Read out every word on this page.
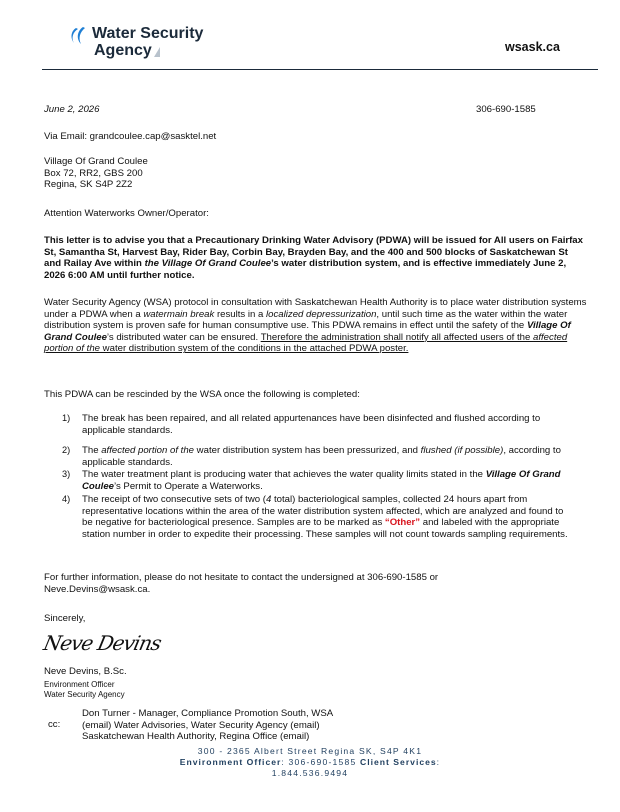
Water Security
Agency	wsask.ca
June 2, 2026	306-690-1585
Via Email: grandcoulee.cap@sasktel.net
Village Of Grand Coulee
Box 72, RR2, GBS 200
Regina, SK S4P 2Z2
Attention Waterworks Owner/Operator:

This letter is to advise you that a Precautionary Drinking Water Advisory (PDWA) will be issued for All users on Fairfax St, Samantha St, Harvest Bay, Rider Bay, Corbin Bay, Brayden Bay, and the 400 and 500 blocks of Saskatchewan St and Railay Ave within the Village Of Grand Coulee’s water distribution system, and is effective immediately June 2, 2026 6:00 AM until further notice.

Water Security Agency (WSA) protocol in consultation with Saskatchewan Health Authority is to place water distribution systems under a PDWA when a watermain break results in a localized depressurization, until such time as the water within the water distribution system is proven safe for human consumptive use. This PDWA remains in effect until the safety of the Village Of Grand Coulee’s distributed water can be ensured. Therefore the administration shall notify all affected users of the affected portion of the water distribution system of the conditions in the attached PDWA poster.

This PDWA can be rescinded by the WSA once the following is completed:
1) The break has been repaired, and all related appurtenances have been disinfected and flushed according to applicable standards.

2) The affected portion of the water distribution system has been pressurized, and flushed (if possible), according to applicable standards.

3) The water treatment plant is producing water that achieves the water quality limits stated in the Village Of Grand Coulee’s Permit to Operate a Waterworks.

4) The receipt of two consecutive sets of two (4 total) bacteriological samples, collected 24 hours apart from representative locations within the area of the water distribution system affected, which are analyzed and found to be negative for bacteriological presence. Samples are to be marked as “Other” and labeled with the appropriate station number in order to expedite their processing. These samples will not count towards sampling requirements.

For further information, please do not hesitate to contact the undersigned at 306-690-1585 or Neve.Devins@wsask.ca.

Sincerely,
Neve Devins
Neve Devins, B.Sc.
Environment Officer
Water Security Agency
cc:
Don Turner - Manager, Compliance Promotion South, WSA
(email) Water Advisories, Water Security Agency (email)
Saskatchewan Health Authority, Regina Office (email)
300 - 2365 Albert Street Regina SK, S4P 4K1
Environment Officer: 306-690-1585 Client Services:
1.844.536.9494
